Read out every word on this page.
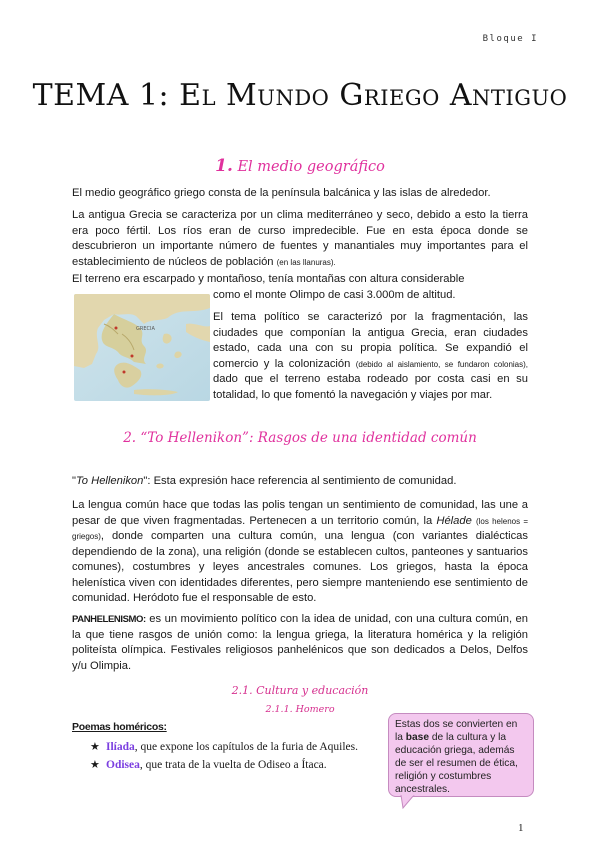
Bloque I
TEMA 1: El Mundo Griego Antiguo
1. El medio geográfico
El medio geográfico griego consta de la península balcánica y las islas de alrededor.
La antigua Grecia se caracteriza por un clima mediterráneo y seco, debido a esto la tierra era poco fértil. Los ríos eran de curso impredecible. Fue en esta época donde se descubrieron un importante número de fuentes y manantiales muy importantes para el establecimiento de núcleos de población (en las llanuras).
El terreno era escarpado y montañoso, tenía montañas con altura considerable
como el monte Olimpo de casi 3.000m de altitud.
GRECIA
El tema político se caracterizó por la fragmentación, las ciudades que componían la antigua Grecia, eran ciudades estado, cada una con su propia política. Se expandió el comercio y la colonización (debido al aislamiento, se fundaron colonias), dado que el terreno estaba rodeado por costa casi en su totalidad, lo que fomentó la navegación y viajes por mar.
2. “To Hellenikon”: Rasgos de una identidad común
"To Hellenikon": Esta expresión hace referencia al sentimiento de comunidad.
La lengua común hace que todas las polis tengan un sentimiento de comunidad, las une a pesar de que viven fragmentadas. Pertenecen a un territorio común, la Hélade (los helenos = griegos), donde comparten una cultura común, una lengua (con variantes dialécticas dependiendo de la zona), una religión (donde se establecen cultos, panteones y santuarios comunes), costumbres y leyes ancestrales comunes. Los griegos, hasta la época helenística viven con identidades diferentes, pero siempre manteniendo ese sentimiento de comunidad. Heródoto fue el responsable de esto.
PANHELENISMO: es un movimiento político con la idea de unidad, con una cultura común, en la que tiene rasgos de unión como: la lengua griega, la literatura homérica y la religión politeísta olímpica. Festivales religiosos panhelénicos que son dedicados a Delos, Delfos y/u Olimpia.
2.1. Cultura y educación
2.1.1. Homero
Poemas homéricos:
★ Ilíada, que expone los capítulos de la furia de Aquiles.
★ Odisea, que trata de la vuelta de Odiseo a Ítaca.
Estas dos se convierten en la base de la cultura y la educación griega, además de ser el resumen de ética, religión y costumbres ancestrales.
1
